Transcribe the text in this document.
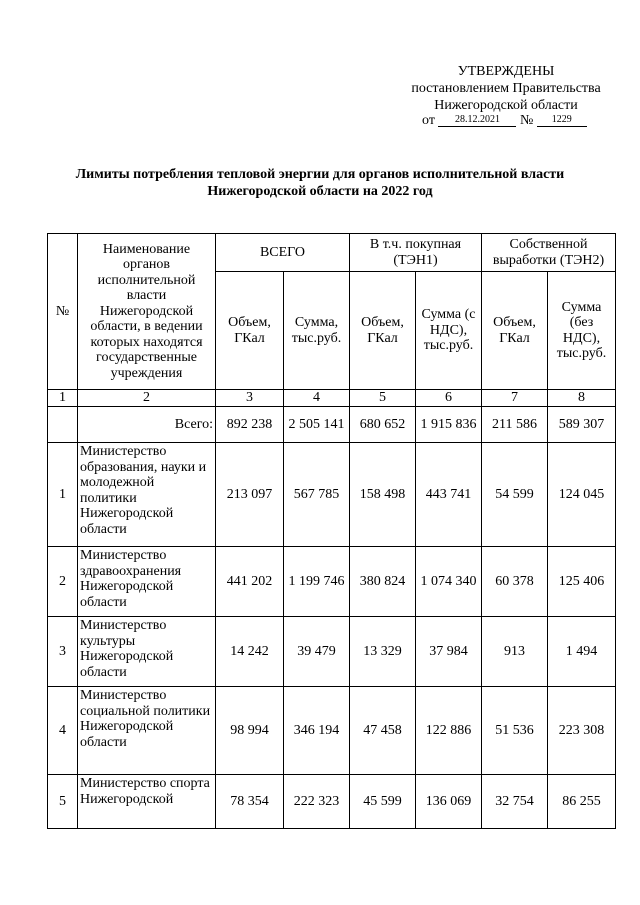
УТВЕРЖДЕНЫ
постановлением Правительства
Нижегородской области
от 28.12.2021 № 1229
Лимиты потребления тепловой энергии для органов исполнительной власти
Нижегородской области на 2022 год
№	Наименование органов исполнительной власти Нижегородской области, в ведении которых находятся государственные учреждения	ВСЕГО		В т.ч. покупная (ТЭН1)		Собственной выработки (ТЭН2)	
		Объем, ГКал	Сумма, тыс.руб.	Объем, ГКал	Сумма (с НДС), тыс.руб.	Объем, ГКал	Сумма (без НДС), тыс.руб.
1	2	3	4	5	6	7	8
	Всего:	892 238	2 505 141	680 652	1 915 836	211 586	589 307
1	Министерство образования, науки и молодежной политики Нижегородской области	213 097	567 785	158 498	443 741	54 599	124 045
2	Министерство здравоохранения Нижегородской области	441 202	1 199 746	380 824	1 074 340	60 378	125 406
3	Министерство культуры Нижегородской области	14 242	39 479	13 329	37 984	913	1 494
4	Министерство социальной политики Нижегородской области	98 994	346 194	47 458	122 886	51 536	223 308
5	Министерство спорта Нижегородской	78 354	222 323	45 599	136 069	32 754	86 255
